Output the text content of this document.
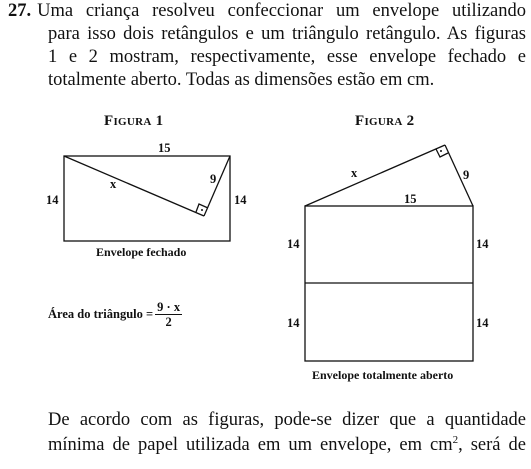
27. Uma criança resolveu confeccionar um envelope utilizando
para isso dois retângulos e um triângulo retângulo. As figuras
1 e 2 mostram, respectivamente, esse envelope fechado e
totalmente aberto. Todas as dimensões estão em cm.
Figura 1	Figura 2
15
14	14
x	9
Envelope fechado
x	9
15
14	14
14	14
Envelope totalmente aberto
Área do triângulo = $\frac{9 \cdot x}{2}$
De acordo com as figuras, pode-se dizer que a quantidade
mínima de papel utilizada em um envelope, em $cm^2$, será de
